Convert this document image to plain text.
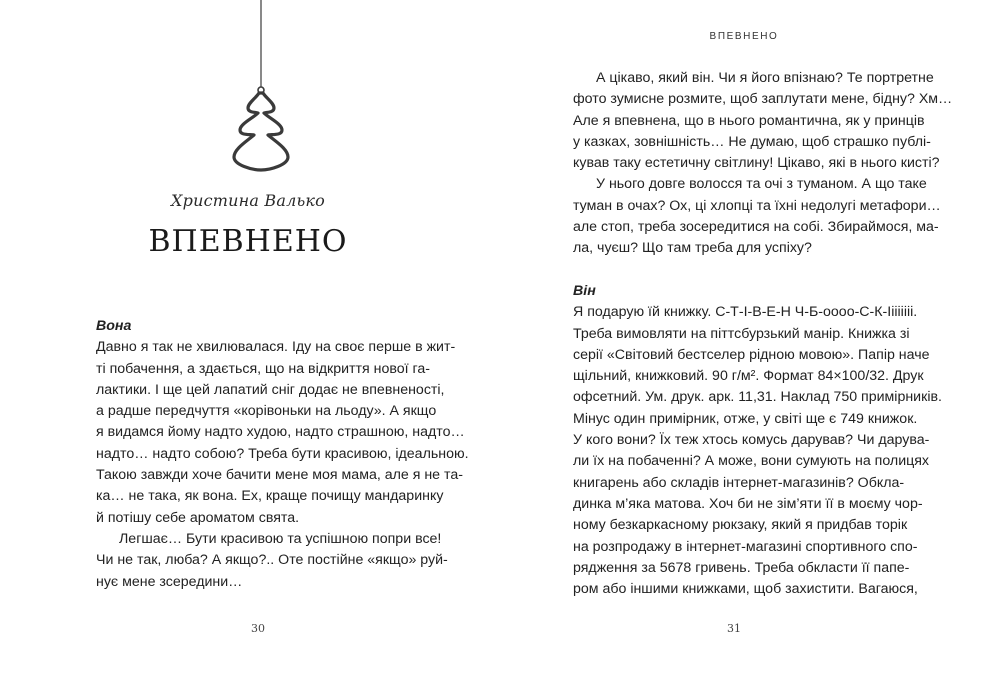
Христина Валько
ВПЕВНЕНО
Вона
Давно я так не хвилювалася. Іду на своє перше в жит-
ті побачення, а здається, що на відкриття нової га-
лактики. І ще цей лапатий сніг додає не впевненості,
а радше передчуття «корівоньки на льоду». А якщо
я видамся йому надто худою, надто страшною, надто…
надто… надто собою? Треба бути красивою, ідеальною.
Такою завжди хоче бачити мене моя мама, але я не та-
ка… не така, як вона. Ех, краще почищу мандаринку
й потішу себе ароматом свята.
Легшає… Бути красивою та успішною попри все!
Чи не так, люба? А якщо?.. Оте постійне «якщо» руй-
нує мене зсередини…
30
ВПЕВНЕНО
А цікаво, який він. Чи я його впізнаю? Те портретне
фото зумисне розмите, щоб заплутати мене, бідну? Хм…
Але я впевнена, що в нього романтична, як у принців
у казках, зовнішність… Не думаю, щоб страшко публі-
кував таку естетичну світлину! Цікаво, які в нього кисті?
У нього довге волосся та очі з туманом. А що таке
туман в очах? Ох, ці хлопці та їхні недолугі метафори…
але стоп, треба зосередитися на собі. Збираймося, ма-
ла, чуєш? Що там треба для успіху?
Він
Я подарую їй книжку. С-Т-І-В-Е-Н Ч-Б-оооо-С-К-Іііііііі.
Треба вимовляти на піттсбурзький манір. Книжка зі
серії «Світовий бестселер рідною мовою». Папір наче
щільний, книжковий. 90 г/м². Формат 84×100/32. Друк
офсетний. Ум. друк. арк. 11,31. Наклад 750 примірників.
Мінус один примірник, отже, у світі ще є 749 книжок.
У кого вони? Їх теж хтось комусь дарував? Чи дарува-
ли їх на побаченні? А може, вони сумують на полицях
книгарень або складів інтернет-магазинів? Обкла-
динка м’яка матова. Хоч би не зім’яти її в моєму чор-
ному безкаркасному рюкзаку, який я придбав торік
на розпродажу в інтернет-магазині спортивного спо-
рядження за 5678 гривень. Треба обкласти її папе-
ром або іншими книжками, щоб захистити. Вагаюся,
31
